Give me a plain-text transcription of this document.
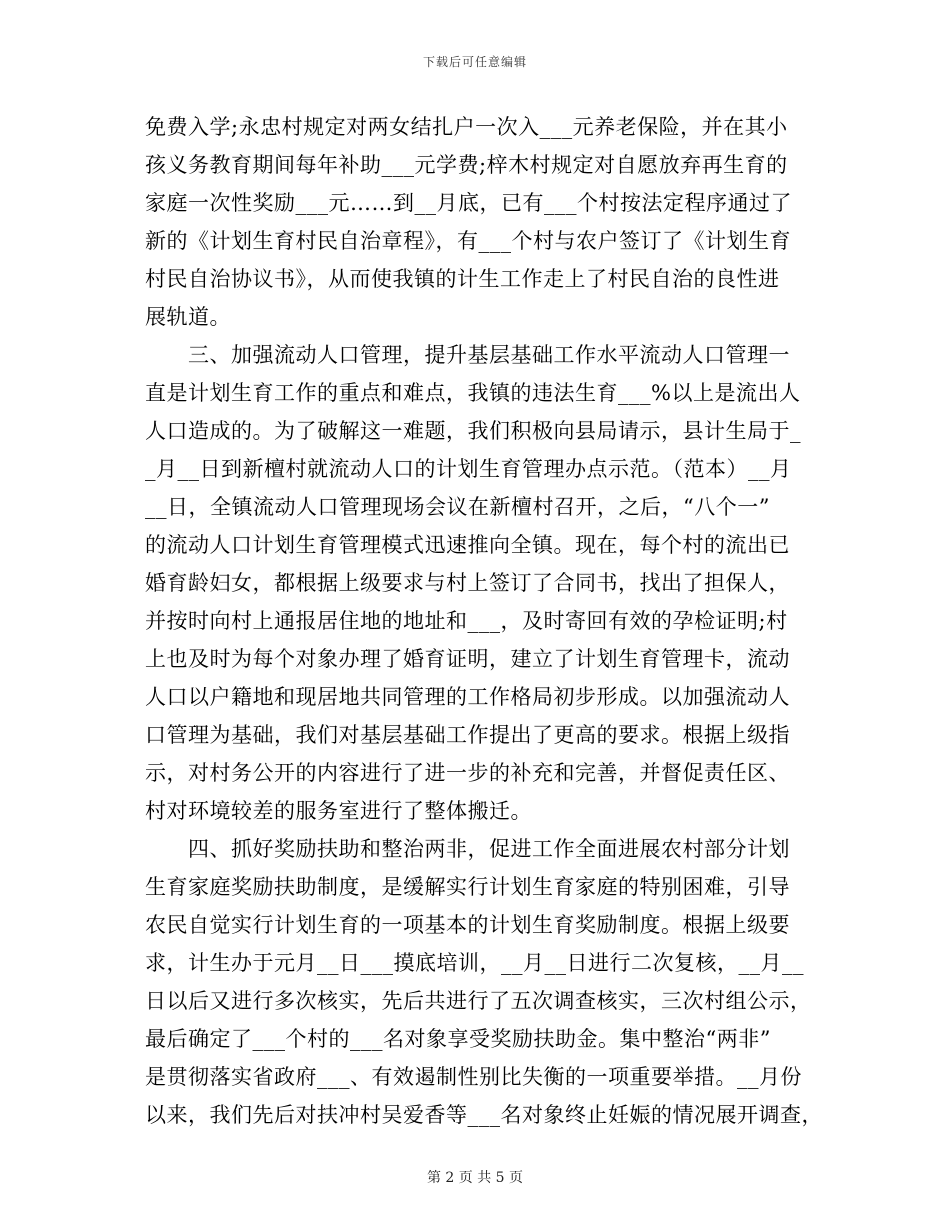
下载后可任意编辑
免费入学;永忠村规定对两女结扎户一次入___元养老保险，并在其小
孩义务教育期间每年补助___元学费;梓木村规定对自愿放弃再生育的
家庭一次性奖励___元……到__月底，已有___个村按法定程序通过了
新的《计划生育村民自治章程》，有___个村与农户签订了《计划生育
村民自治协议书》，从而使我镇的计生工作走上了村民自治的良性进
展轨道。
　　三、加强流动人口管理，提升基层基础工作水平流动人口管理一
直是计划生育工作的重点和难点，我镇的违法生育___%以上是流出人
人口造成的。为了破解这一难题，我们积极向县局请示，县计生局于_
_月__日到新檀村就流动人口的计划生育管理办点示范。（范本）__月
__日，全镇流动人口管理现场会议在新檀村召开，之后，“八个一”
的流动人口计划生育管理模式迅速推向全镇。现在，每个村的流出已
婚育龄妇女，都根据上级要求与村上签订了合同书，找出了担保人，
并按时向村上通报居住地的地址和___，及时寄回有效的孕检证明;村
上也及时为每个对象办理了婚育证明，建立了计划生育管理卡，流动
人口以户籍地和现居地共同管理的工作格局初步形成。以加强流动人
口管理为基础，我们对基层基础工作提出了更高的要求。根据上级指
示，对村务公开的内容进行了进一步的补充和完善，并督促责任区、
村对环境较差的服务室进行了整体搬迁。
　　四、抓好奖励扶助和整治两非，促进工作全面进展农村部分计划
生育家庭奖励扶助制度，是缓解实行计划生育家庭的特别困难，引导
农民自觉实行计划生育的一项基本的计划生育奖励制度。根据上级要
求，计生办于元月__日___摸底培训，__月__日进行二次复核，__月__
日以后又进行多次核实，先后共进行了五次调查核实，三次村组公示，
最后确定了___个村的___名对象享受奖励扶助金。集中整治“两非”
是贯彻落实省政府___、有效遏制性别比失衡的一项重要举措。__月份
以来，我们先后对扶冲村吴爱香等___名对象终止妊娠的情况展开调查，
第 2 页 共 5 页
